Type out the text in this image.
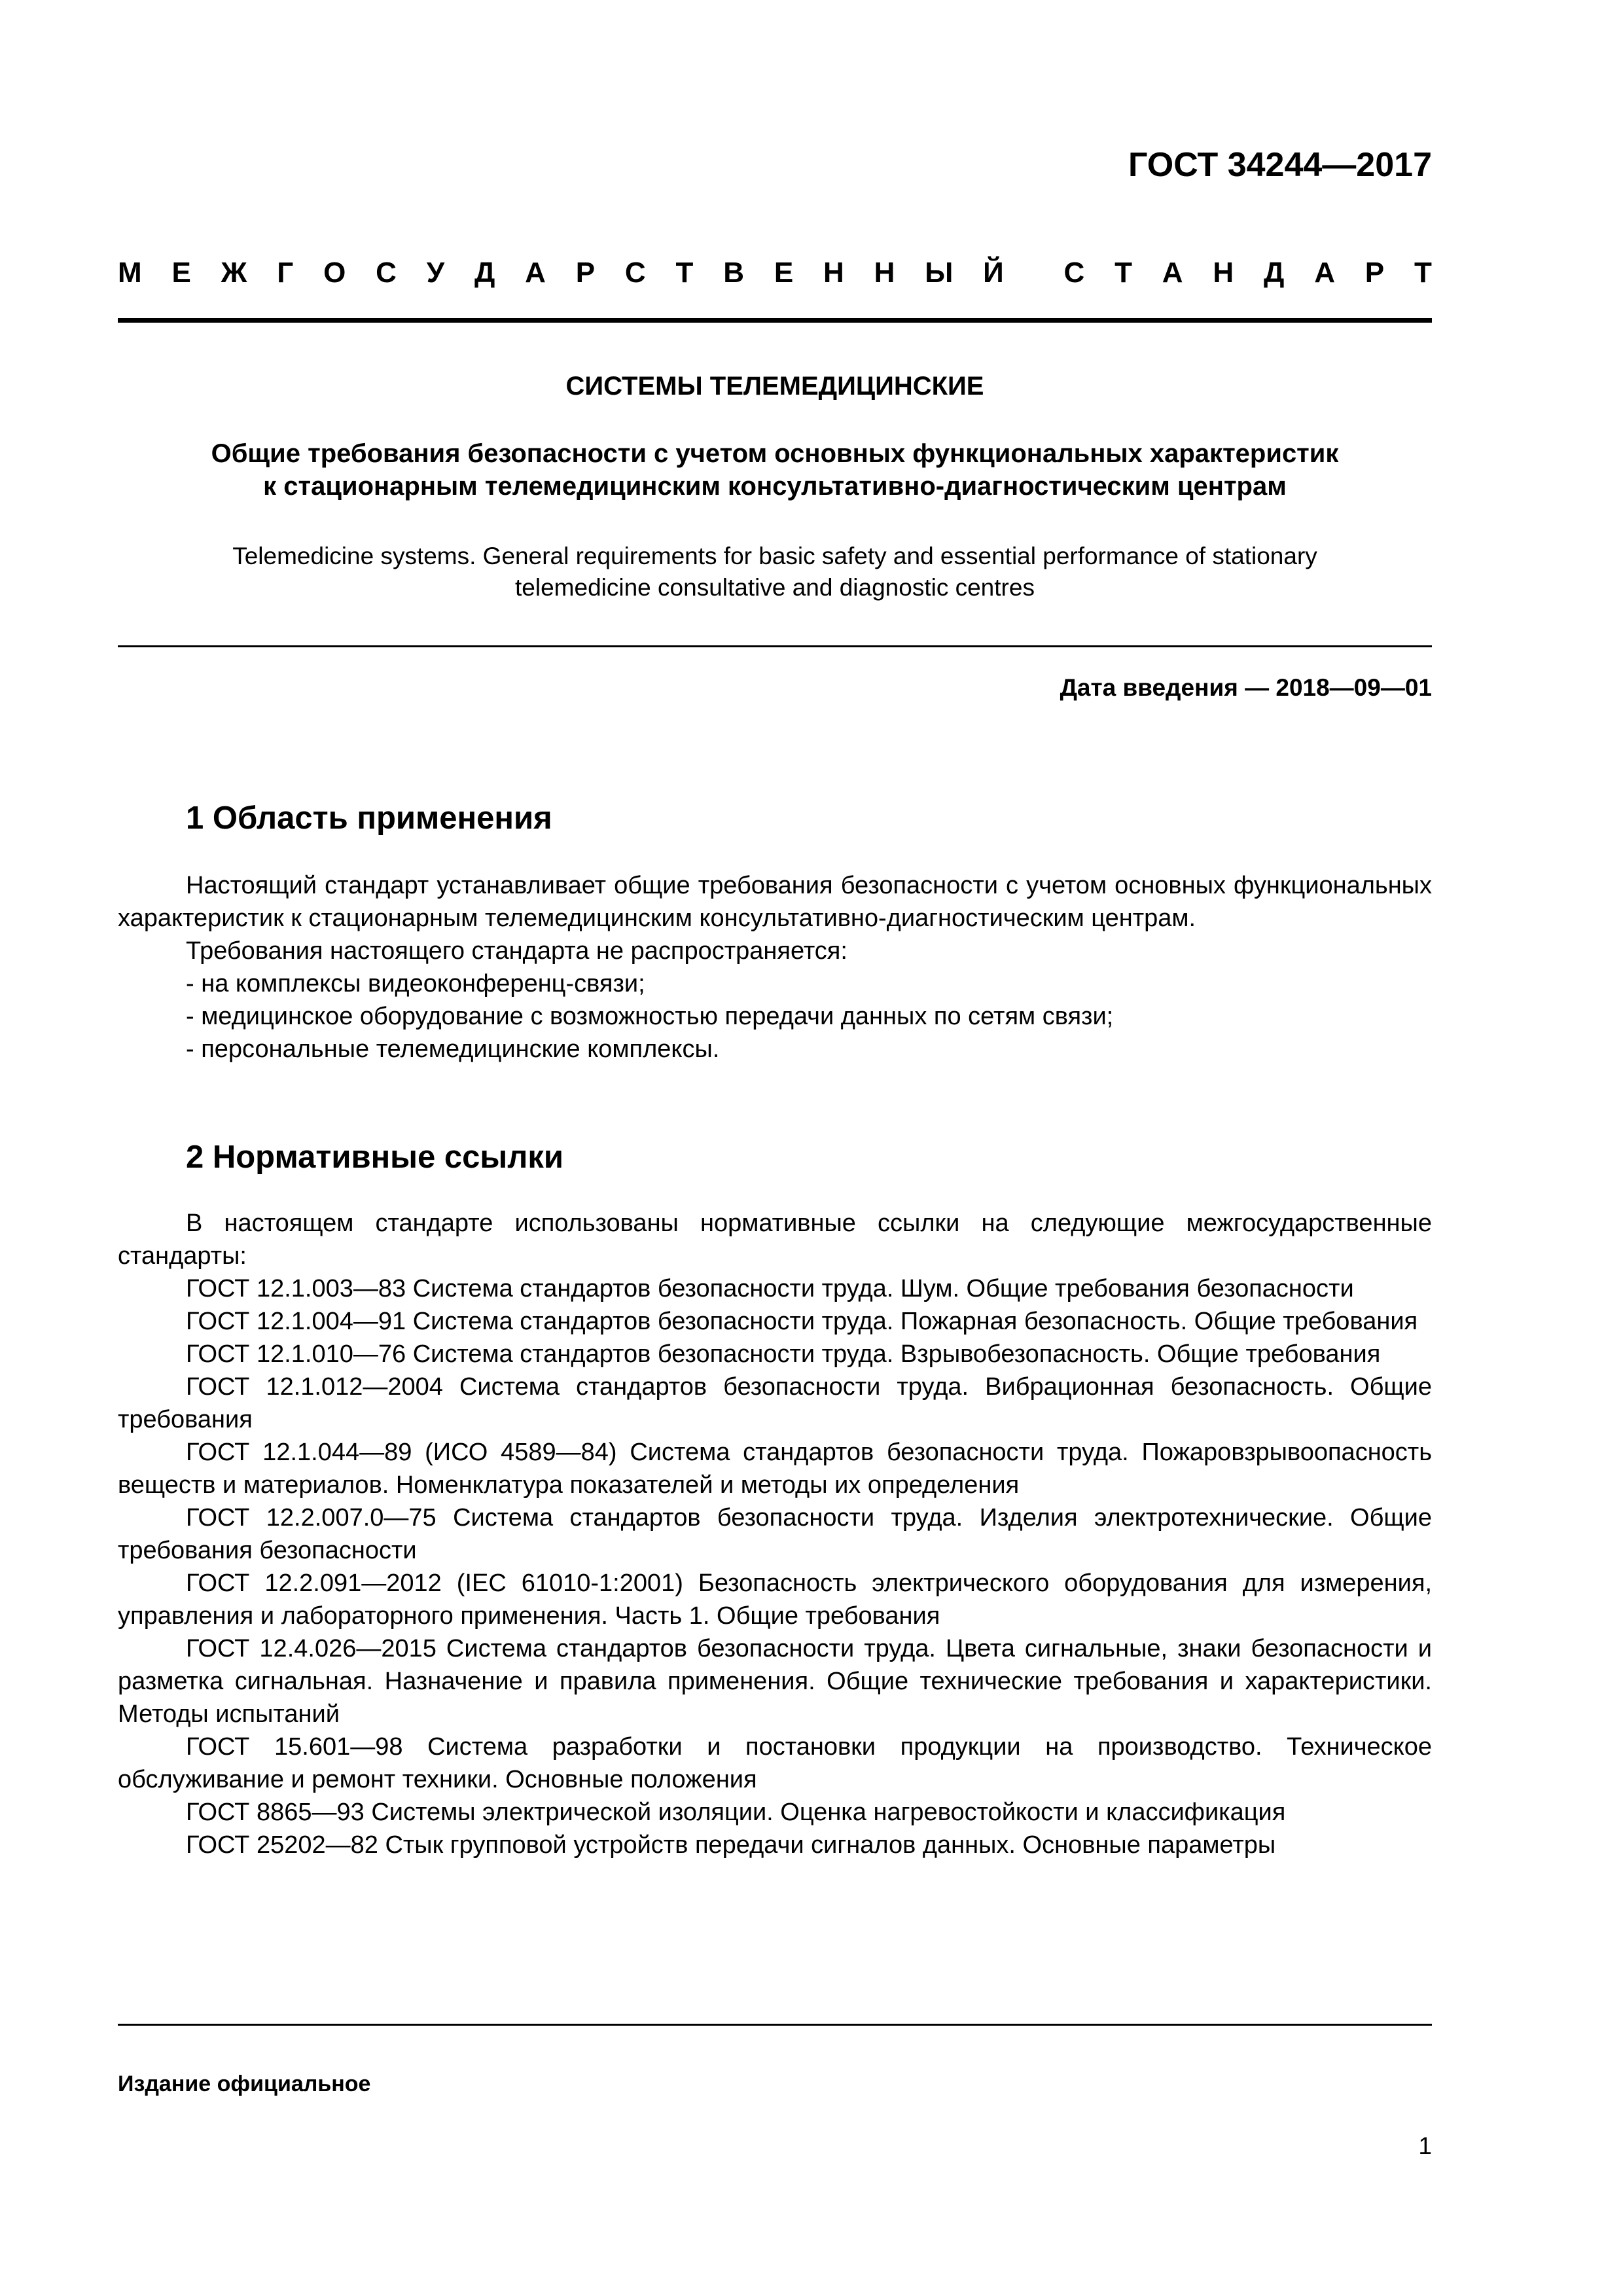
ГОСТ 34244—2017
М Е Ж Г О С У Д А Р С Т В Е Н Н Ы Й С Т А Н Д А Р Т
СИСТЕМЫ ТЕЛЕМЕДИЦИНСКИЕ
Общие требования безопасности с учетом основных функциональных характеристик
к стационарным телемедицинским консультативно-диагностическим центрам
Telemedicine systems. General requirements for basic safety and essential performance of stationary
telemedicine consultative and diagnostic centres
Дата введения — 2018—09—01
1 Область применения

Настоящий стандарт устанавливает общие требования безопасности с учетом основных функциональных характеристик к стационарным телемедицинским консультативно-диагностическим центрам.

Требования настоящего стандарта не распространяется:

- на комплексы видеоконференц-связи;

- медицинское оборудование с возможностью передачи данных по сетям связи;

- персональные телемедицинские комплексы.

2 Нормативные ссылки

В настоящем стандарте использованы нормативные ссылки на следующие межгосударственные стандарты:

ГОСТ 12.1.003—83 Система стандартов безопасности труда. Шум. Общие требования безопасности

ГОСТ 12.1.004—91 Система стандартов безопасности труда. Пожарная безопасность. Общие требования

ГОСТ 12.1.010—76 Система стандартов безопасности труда. Взрывобезопасность. Общие требования

ГОСТ 12.1.012—2004 Система стандартов безопасности труда. Вибрационная безопасность. Общие требования

ГОСТ 12.1.044—89 (ИСО 4589—84) Система стандартов безопасности труда. Пожаровзрывоопасность веществ и материалов. Номенклатура показателей и методы их определения

ГОСТ 12.2.007.0—75 Система стандартов безопасности труда. Изделия электротехнические. Общие требования безопасности

ГОСТ 12.2.091—2012 (IEC 61010-1:2001) Безопасность электрического оборудования для измерения, управления и лабораторного применения. Часть 1. Общие требования

ГОСТ 12.4.026—2015 Система стандартов безопасности труда. Цвета сигнальные, знаки безопасности и разметка сигнальная. Назначение и правила применения. Общие технические требования и характеристики. Методы испытаний

ГОСТ 15.601—98 Система разработки и постановки продукции на производство. Техническое обслуживание и ремонт техники. Основные положения

ГОСТ 8865—93 Системы электрической изоляции. Оценка нагревостойкости и классификация

ГОСТ 25202—82 Стык групповой устройств передачи сигналов данных. Основные параметры

Издание официальное
1
